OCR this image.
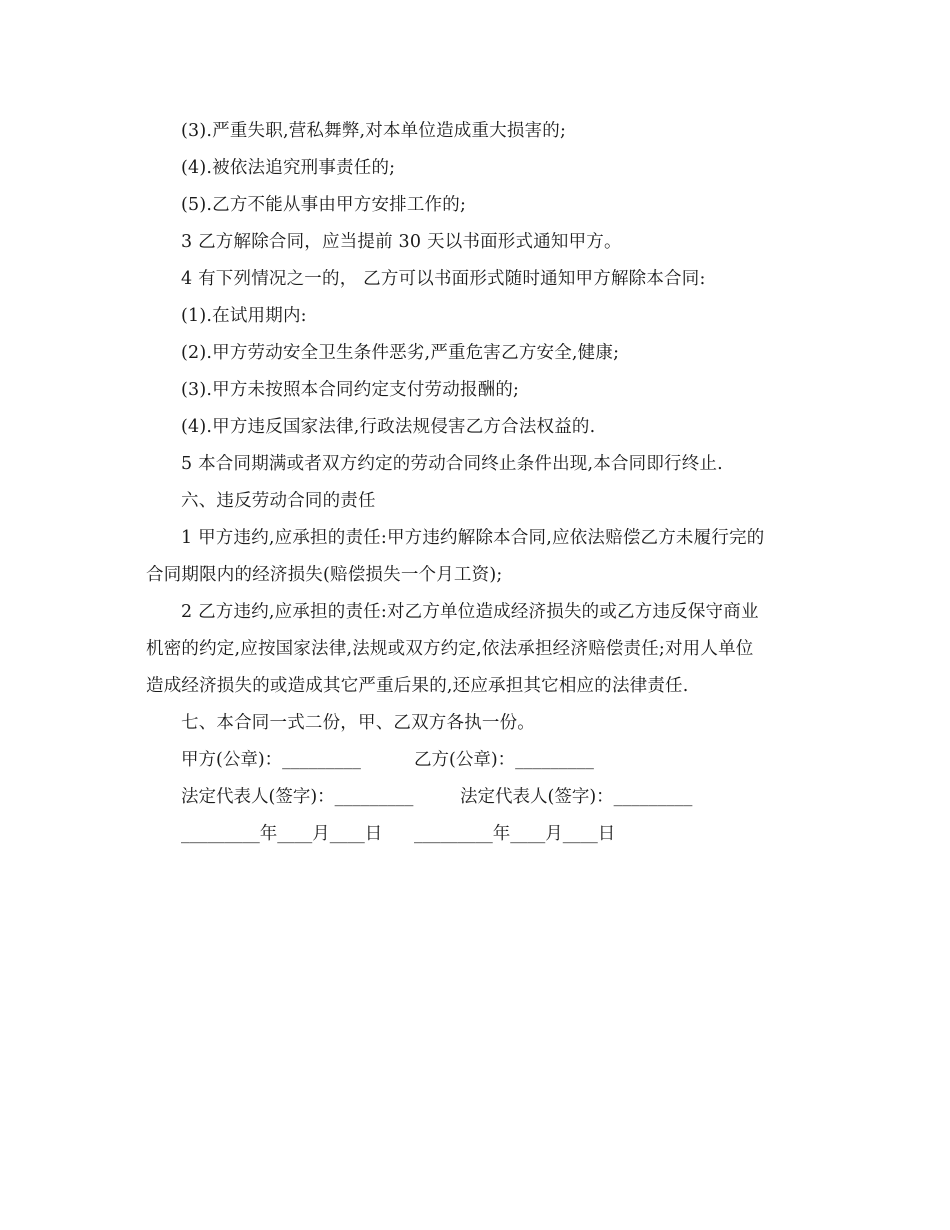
(3).严重失职,营私舞弊,对本单位造成重大损害的;
(4).被依法追究刑事责任的;
(5).乙方不能从事由甲方安排工作的;
3 乙方解除合同，应当提前 30 天以书面形式通知甲方。
4 有下列情况之一的， 乙方可以书面形式随时通知甲方解除本合同:
(1).在试用期内:
(2).甲方劳动安全卫生条件恶劣,严重危害乙方安全,健康;
(3).甲方未按照本合同约定支付劳动报酬的;
(4).甲方违反国家法律,行政法规侵害乙方合法权益的.
5 本合同期满或者双方约定的劳动合同终止条件出现,本合同即行终止.
六、违反劳动合同的责任
1 甲方违约,应承担的责任:甲方违约解除本合同,应依法赔偿乙方未履行完的
合同期限内的经济损失(赔偿损失一个月工资);
2 乙方违约,应承担的责任:对乙方单位造成经济损失的或乙方违反保守商业
机密的约定,应按国家法律,法规或双方约定,依法承担经济赔偿责任;对用人单位
造成经济损失的或造成其它严重后果的,还应承担其它相应的法律责任.
七、本合同一式二份，甲、乙双方各执一份。
甲方(公章)：_________	乙方(公章)：_________
法定代表人(签字)：_________	法定代表人(签字)：_________
_________年____月____日 _________年____月____日
